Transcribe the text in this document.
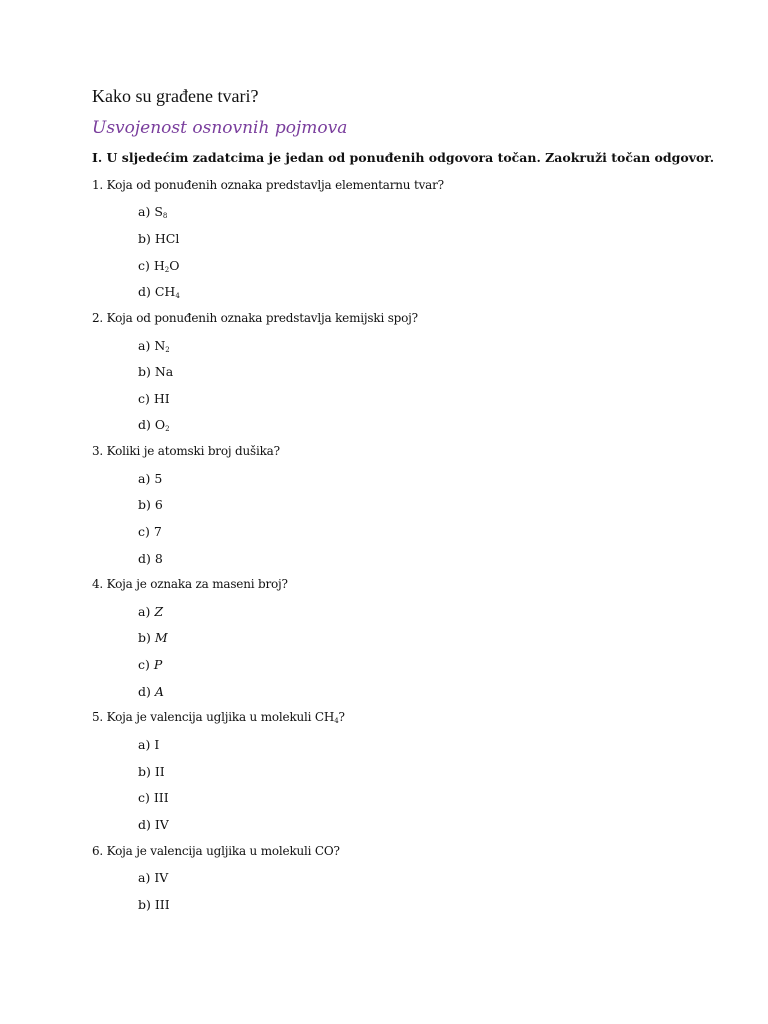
Kako su građene tvari?
Usvojenost osnovnih pojmova
I. U sljedećim zadatcima je jedan od ponuđenih odgovora točan. Zaokruži točan odgovor.
1. Koja od ponuđenih oznaka predstavlja elementarnu tvar?
a) $S_8$
b) HCl
c) $H_2O$
d) $CH_4$
2. Koja od ponuđenih oznaka predstavlja kemijski spoj?
a) $N_2$
b) Na
c) HI
d) $O_2$
3. Koliki je atomski broj dušika?
a) 5
b) 6
c) 7
d) 8
4. Koja je oznaka za maseni broj?
a) Z
b) M
c) P
d) A
5. Koja je valencija ugljika u molekuli $CH_4$?
a) I
b) II
c) III
d) IV
6. Koja je valencija ugljika u molekuli CO?
a) IV
b) III
